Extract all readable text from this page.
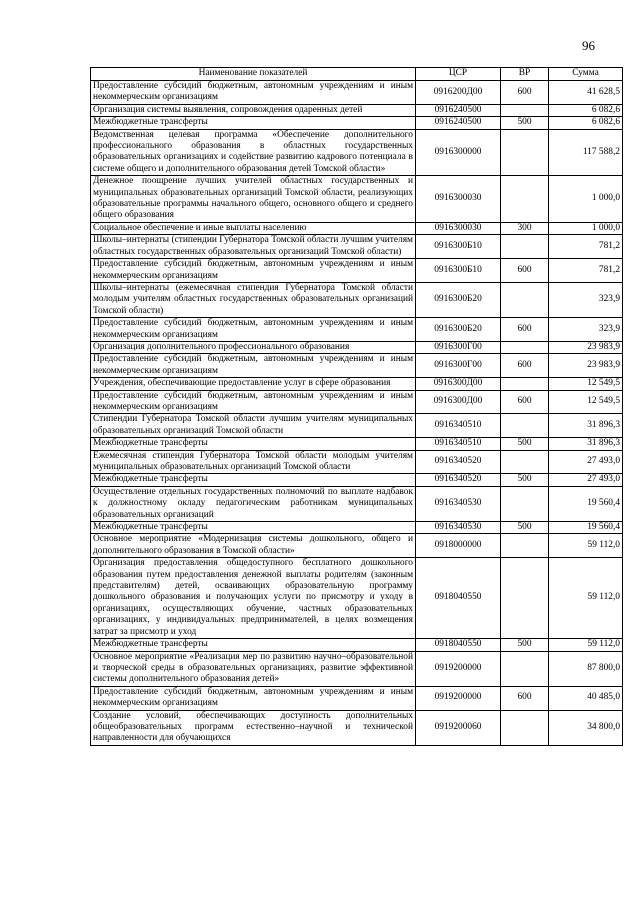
96
Наименование показателей	ЦСР	ВР	Сумма
Предоставление субсидий бюджетным, автономным учреждениям и иным некоммерческим организациям	0916200Д00	600	41 628,5
Организация системы выявления, сопровождения одаренных детей	0916240500		6 082,6
Межбюджетные трансферты	0916240500	500	6 082,6
Ведомственная целевая программа «Обеспечение дополнительного профессионального образования в областных государственных образовательных организациях и содействие развитию кадрового потенциала в системе общего и дополнительного образования детей Томской области»	0916300000		117 588,2
Денежное поощрение лучших учителей областных государственных и муниципальных образовательных организаций Томской области, реализующих образовательные программы начального общего, основного общего и среднего общего образования	0916300030		1 000,0
Социальное обеспечение и иные выплаты населению	0916300030	300	1 000,0
Школы–интернаты (стипендии Губернатора Томской области лучшим учителям областных государственных образовательных организаций Томской области)	0916300Б10		781,2
Предоставление субсидий бюджетным, автономным учреждениям и иным некоммерческим организациям	0916300Б10	600	781,2
Школы–интернаты (ежемесячная стипендия Губернатора Томской области молодым учителям областных государственных образовательных организаций Томской области)	0916300Б20		323,9
Предоставление субсидий бюджетным, автономным учреждениям и иным некоммерческим организациям	0916300Б20	600	323,9
Организация дополнительного профессионального образования	0916300Г00		23 983,9
Предоставление субсидий бюджетным, автономным учреждениям и иным некоммерческим организациям	0916300Г00	600	23 983,9
Учреждения, обеспечивающие предоставление услуг в сфере образования	0916300Д00		12 549,5
Предоставление субсидий бюджетным, автономным учреждениям и иным некоммерческим организациям	0916300Д00	600	12 549,5
Стипендии Губернатора Томской области лучшим учителям муниципальных образовательных организаций Томской области	0916340510		31 896,3
Межбюджетные трансферты	0916340510	500	31 896,3
Ежемесячная стипендия Губернатора Томской области молодым учителям муниципальных образовательных организаций Томской области	0916340520		27 493,0
Межбюджетные трансферты	0916340520	500	27 493,0
Осуществление отдельных государственных полномочий по выплате надбавок к должностному окладу педагогическим работникам муниципальных образовательных организаций	0916340530		19 560,4
Межбюджетные трансферты	0916340530	500	19 560,4
Основное мероприятие «Модернизация системы дошкольного, общего и дополнительного образования в Томской области»	0918000000		59 112,0
Организация предоставления общедоступного бесплатного дошкольного образования путем предоставления денежной выплаты родителям (законным представителям) детей, осваивающих образовательную программу дошкольного образования и получающих услуги по присмотру и уходу в организациях, осуществляющих обучение, частных образовательных организациях, у индивидуальных предпринимателей, в целях возмещения затрат за присмотр и уход	0918040550		59 112,0
Межбюджетные трансферты	0918040550	500	59 112,0
Основное мероприятие «Реализация мер по развитию научно–образовательной и творческой среды в образовательных организациях, развитие эффективной системы дополнительного образования детей»	0919200000		87 800,0
Предоставление субсидий бюджетным, автономным учреждениям и иным некоммерческим организациям	0919200000	600	40 485,0
Создание условий, обеспечивающих доступность дополнительных общеобразовательных программ естественно–научной и технической направленности для обучающихся	0919200060		34 800,0
